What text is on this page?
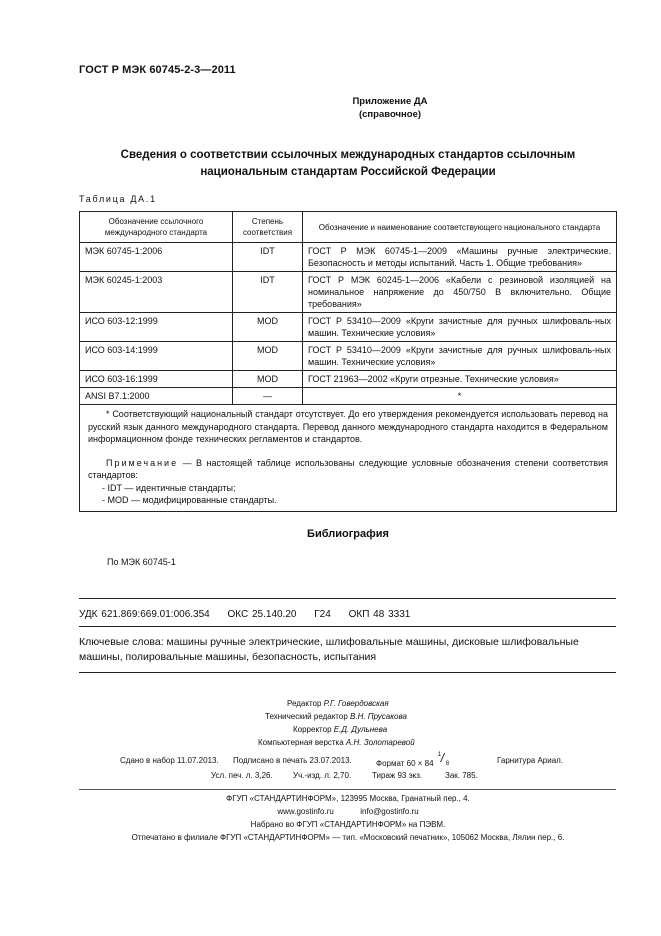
ГОСТ Р МЭК 60745-2-3—2011
Приложение ДА
(справочное)
Сведения о соответствии ссылочных международных стандартов ссылочным
национальным стандартам Российской Федерации
Таблица ДА.1
Обозначение ссылочного международного стандарта	Степень соответствия	Обозначение и наименование соответствующего национального стандарта
МЭК 60745-1:2006	IDT	ГОСТ Р МЭК 60745-1—2009 «Машины ручные электрические. Безопасность и методы испытаний. Часть 1. Общие требования»
МЭК 60245-1:2003	IDT	ГОСТ Р МЭК 60245-1—2006 «Кабели с резиновой изоляцией на номинальное напряжение до 450/750 В включительно. Общие требования»
ИСО 603-12:1999	MOD	ГОСТ Р 53410—2009 «Круги зачистные для ручных шлифоваль-ных машин. Технические условия»
ИСО 603-14:1999	MOD	ГОСТ Р 53410—2009 «Круги зачистные для ручных шлифоваль-ных машин. Технические условия»
ИСО 603-16:1999	MOD	ГОСТ 21963—2002 «Круги отрезные. Технические условия»
ANSI B7.1:2000	—	*

* Соответствующий национальный стандарт отсутствует. До его утверждения рекомендуется использовать перевод на русский язык данного международного стандарта. Перевод данного международного стандарта находится в Федеральном информационном фонде технических регламентов и стандартов.

Примечание — В настоящей таблице использованы следующие условные обозначения степени соответствия стандартов:

- IDT — идентичные стандарты;

- MOD — модифицированные стандарты.		

Библиография
По МЭК 60745-1
УДК 621.869:669.01:006.354 ОКС 25.140.20 Г24 ОКП 48 3331
Ключевые слова: машины ручные электрические, шлифовальные машины, дисковые шлифовальные машины, полировальные машины, безопасность, испытания
Редактор Р.Г. Говердовская
Технический редактор В.Н. Прусакова
Корректор Е.Д. Дульнева
Компьютерная верстка А.Н. Золотаревой
Сдано в набор 11.07.2013. Подписано в печать 23.07.2013.	Формат 60 × 84
1 / 8	Гарнитура Ариал.
Усл. печ. л. 3,26.	Уч.-изд. л. 2,70.	Тираж 93 экз.	Зак. 785.
ФГУП «СТАНДАРТИНФОРМ», 123995 Москва, Гранатный пер., 4.
www.gostinfo.ru	info@gostinfo.ru
Набрано во ФГУП «СТАНДАРТИНФОРМ» на ПЭВМ.
Отпечатано в филиале ФГУП «СТАНДАРТИНФОРМ» — тип. «Московский печатник», 105062 Москва, Лялин пер., 6.
